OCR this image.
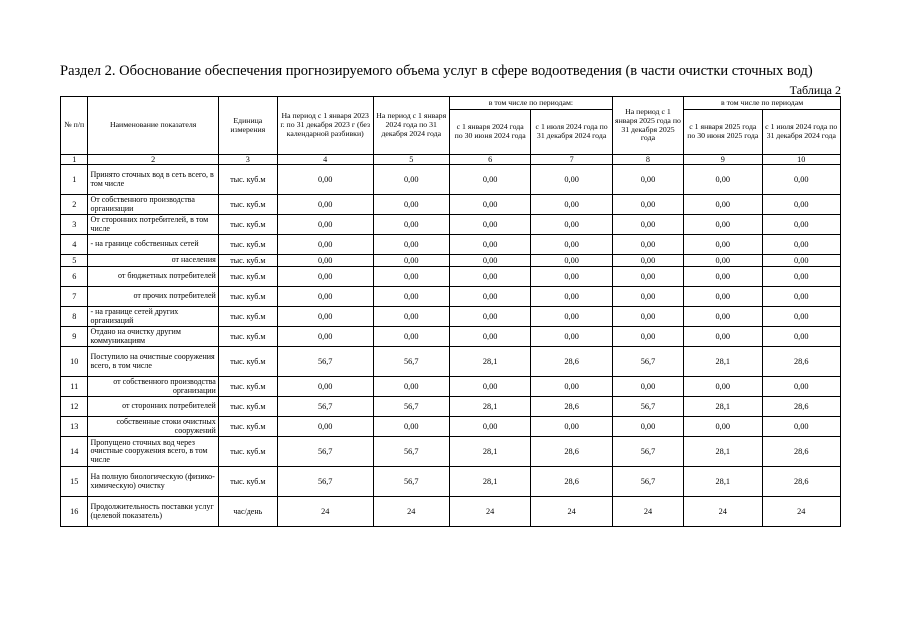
Раздел 2. Обоснование обеспечения прогнозируемого объема услуг в сфере водоотведения (в части очистки сточных вод)
Таблица 2
№ п/п	Наименование показателя	Единица измерения	На период с 1 января 2023 г. по 31 декабря 2023 г (без календарной разбивки)	На период с 1 января 2024 года по 31 декабря 2024 года	в том числе по периодам:		На период с 1 января 2025 года по 31 декабря 2025 года	в том числе по периодам	
					с 1 января 2024 года по 30 июня 2024 года	с 1 июля 2024 года по 31 декабря 2024 года		с 1 января 2025 года по 30 июня 2025 года	с 1 июля 2024 года по 31 декабря 2024 года
1	2	3	4	5	6	7	8	9	10
1	Принято сточных вод в сеть всего, в том числе	тыс. куб.м	0,00	0,00	0,00	0,00	0,00	0,00	0,00
2	От собственного производства организации	тыс. куб.м	0,00	0,00	0,00	0,00	0,00	0,00	0,00
3	От сторонних потребителей, в том числе	тыс. куб.м	0,00	0,00	0,00	0,00	0,00	0,00	0,00
4	- на границе собственных сетей	тыс. куб.м	0,00	0,00	0,00	0,00	0,00	0,00	0,00
5	от населения	тыс. куб.м	0,00	0,00	0,00	0,00	0,00	0,00	0,00
6	от бюджетных потребителей	тыс. куб.м	0,00	0,00	0,00	0,00	0,00	0,00	0,00
7	от прочих потребителей	тыс. куб.м	0,00	0,00	0,00	0,00	0,00	0,00	0,00
8	- на границе сетей других организаций	тыс. куб.м	0,00	0,00	0,00	0,00	0,00	0,00	0,00
9	Отдано на очистку другим коммуникациям	тыс. куб.м	0,00	0,00	0,00	0,00	0,00	0,00	0,00
10	Поступило на очистные сооружения всего, в том числе	тыс. куб.м	56,7	56,7	28,1	28,6	56,7	28,1	28,6
11	от собственного производства организации	тыс. куб.м	0,00	0,00	0,00	0,00	0,00	0,00	0,00
12	от сторонних потребителей	тыс. куб.м	56,7	56,7	28,1	28,6	56,7	28,1	28,6
13	собственные стоки очистных сооружений	тыс. куб.м	0,00	0,00	0,00	0,00	0,00	0,00	0,00
14	Пропущено сточных вод через очистные сооружения всего, в том числе	тыс. куб.м	56,7	56,7	28,1	28,6	56,7	28,1	28,6
15	На полную биологическую (физико-химическую) очистку	тыс. куб.м	56,7	56,7	28,1	28,6	56,7	28,1	28,6
16	Продолжительность поставки услуг (целевой показатель)	час/день	24	24	24	24	24	24	24
